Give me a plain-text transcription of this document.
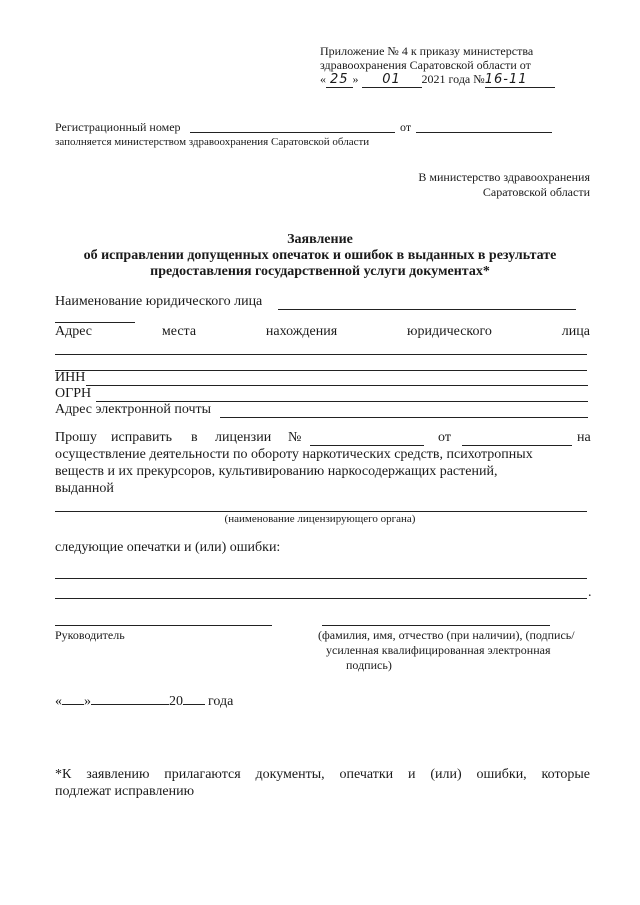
Приложение № 4 к приказу министерства
здравоохранения Саратовской области от
« 25 » 01 2021 года №16-11
Регистрационный номер	от
заполняется министерством здравоохранения Саратовской области
В министерство здравоохранения
Саратовской области
Заявление
об исправлении допущенных опечаток и ошибок в выданных в результате
предоставления государственной услуги документах*
Наименование юридического лица
Адрес	места	нахождения	юридического	лица
ИНН
ОГРН
Адрес электронной почты
Прошу исправить в лицензии №	от	на
осуществление деятельности по обороту наркотических средств, психотропных
веществ и их прекурсоров, культивированию наркосодержащих растений,
выданной
(наименование лицензирующего органа)
следующие опечатки и (или) ошибки:
.
Руководитель	(фамилия, имя, отчество (при наличии), (подпись/
усиленная квалифицированная электронная
подпись)
« »	20 года
*К заявлению прилагаются документы, опечатки и (или) ошибки, которые
подлежат исправлению
